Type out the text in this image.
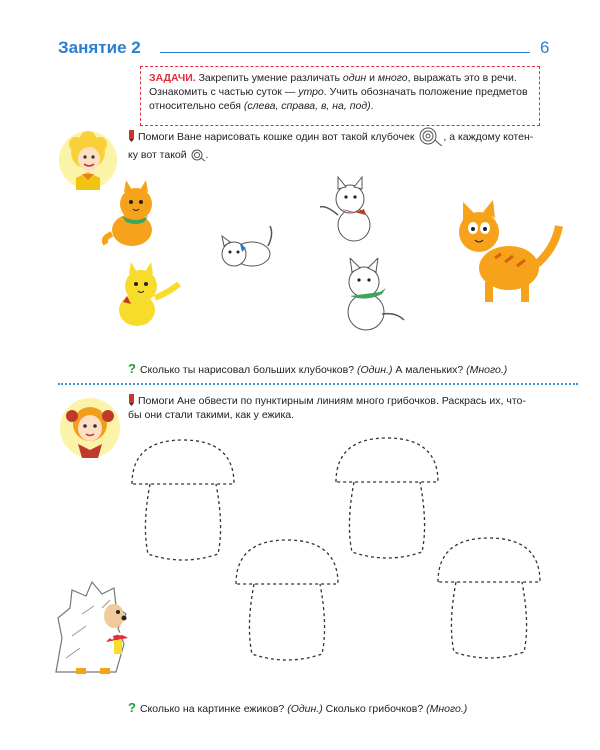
Занятие 2	6
ЗАДАЧИ. Закрепить умение различать один и много, выражать это в речи.
Ознакомить с частью суток — утро. Учить обозначать положение предметов
относительно себя (слева, справа, в, на, под).
Помоги Ване нарисовать кошке один вот такой клубочек	, а каждому котен-
ку вот такой .
? Сколько ты нарисовал больших клубочков? (Один.) А маленьких? (Много.)
Помоги Ане обвести по пунктирным линиям много грибочков. Раскрась их, что-
бы они стали такими, как у ежика.
? Сколько на картинке ежиков? (Один.) Сколько грибочков? (Много.)
